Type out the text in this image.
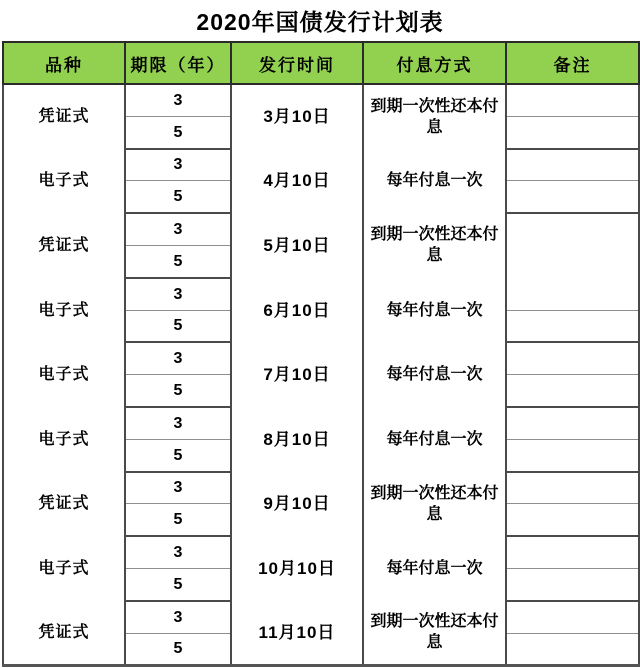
2020年国债发行计划表
品种	期限（年）	发行时间	付息方式	备注
凭证式	3	3月10日	到期一次性还本付息	
	5			
电子式	3	4月10日	每年付息一次	
	5			
凭证式	3	5月10日	到期一次性还本付息	
	5			
电子式	3	6月10日	每年付息一次	
	5			
电子式	3	7月10日	每年付息一次	
	5			
电子式	3	8月10日	每年付息一次	
	5			
凭证式	3	9月10日	到期一次性还本付息	
	5			
电子式	3	10月10日	每年付息一次	
	5			
凭证式	3	11月10日	到期一次性还本付息	
	5			
